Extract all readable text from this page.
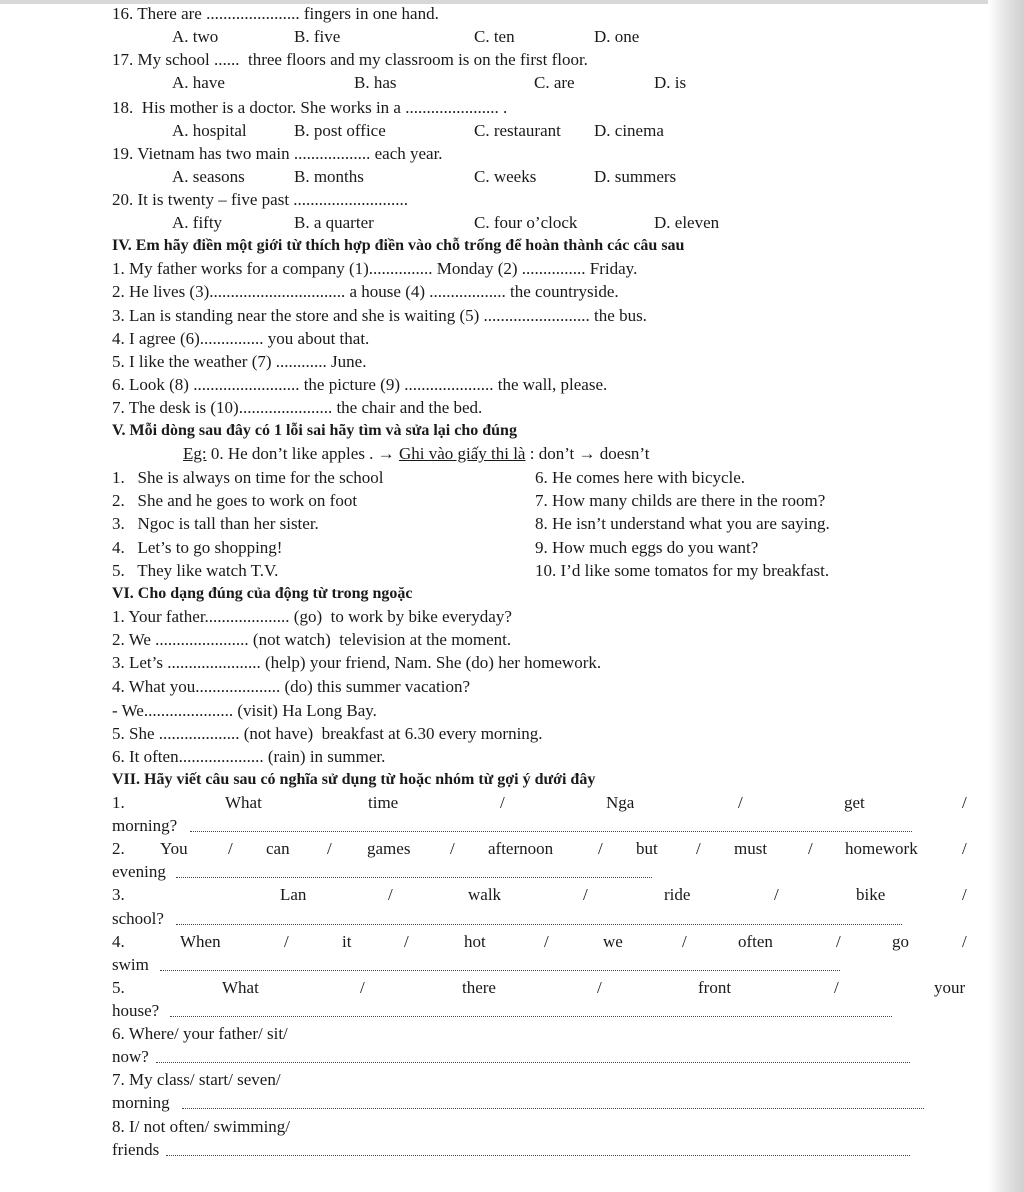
16. There are ...................... fingers in one hand.
A. two	B. five	C. ten	D. one
17. My school ......  three floors and my classroom is on the first floor.
A. have	B. has	C. are	D. is
18.  His mother is a doctor. She works in a ...................... .
A. hospital	B. post office	C. restaurant D. cinema
19. Vietnam has two main .................. each year.
A. seasons	B. months	C. weeks	D. summers
20. It is twenty – five past ...........................
A. fifty	B. a quarter	C. four o’clock	D. eleven
IV. Em hãy điền một giới từ thích hợp điền vào chỗ trống để hoàn thành các câu sau
1. My father works for a company (1)............... Monday (2) ............... Friday.
2. He lives (3)................................ a house (4) .................. the countryside.
3. Lan is standing near the store and she is waiting (5) ......................... the bus.
4. I agree (6)............... you about that.
5. I like the weather (7) ............ June.
6. Look (8) ......................... the picture (9) ..................... the wall, please.
7. The desk is (10)...................... the chair and the bed.
V. Mỗi dòng sau đây có 1 lỗi sai hãy tìm và sửa lại cho đúng
Eg: 0. He don’t like apples . → Ghi vào giấy thi là : don’t → doesn’t
1.   She is always on time for the school
2.   She and he goes to work on foot
3.   Ngoc is tall than her sister.
4.   Let’s to go shopping!
5.   They like watch T.V.
6. He comes here with bicycle.
7. How many childs are there in the room?
8. He isn’t understand what you are saying.
9. How much eggs do you want?
10. I’d like some tomatos for my breakfast.
VI. Cho dạng đúng của động từ trong ngoặc
1. Your father.................... (go)  to work by bike everyday?
2. We ...................... (not watch)  television at the moment.
3. Let’s ...................... (help) your friend, Nam. She (do) her homework.
4. What you.................... (do) this summer vacation?
- We..................... (visit) Ha Long Bay.
5. She ................... (not have)  breakfast at 6.30 every morning.
6. It often.................... (rain) in summer.
VII. Hãy viết câu sau có nghĩa sử dụng từ hoặc nhóm từ gợi ý dưới đây
1.	What	time	/	Nga	/	get	/
morning?
2. You / can / games / afternoon	/ but / must / homework	/
evening
3.	Lan	/	walk	/	ride	/	bike	/
school?
4.	When	/	it	/	hot	/	we	/	often	/	go	/
swim
5.	What	/	there	/	front	/	your
house?
6. Where/ your father/ sit/
now?
7. My class/ start/ seven/
morning
8. I/ not often/ swimming/
friends
